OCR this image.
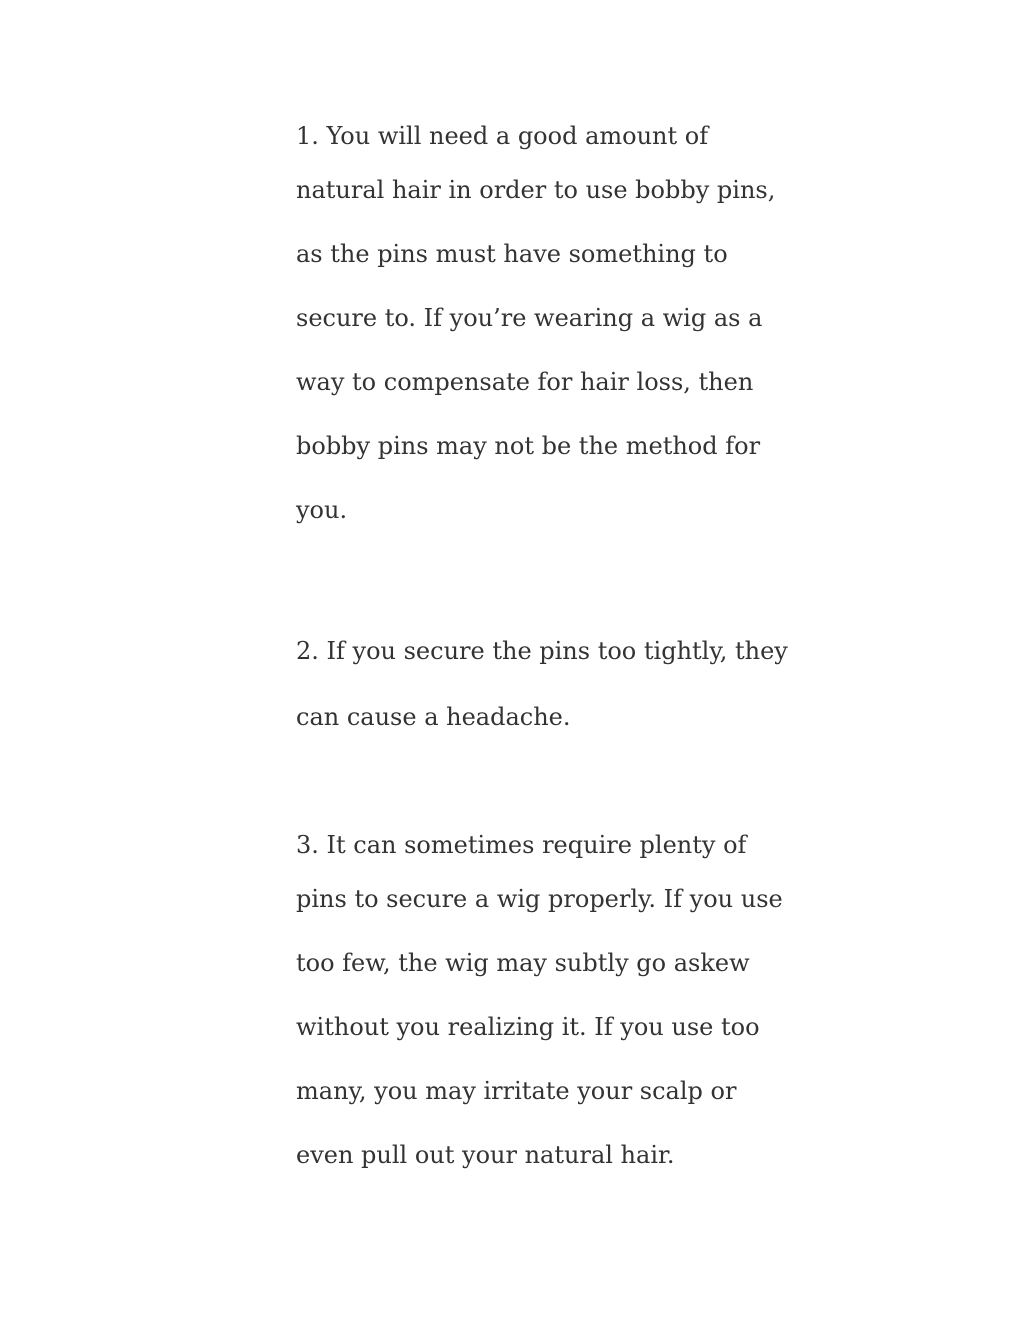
1. You will need a good amount of

natural hair in order to use bobby pins,

as the pins must have something to

secure to. If you’re wearing a wig as a

way to compensate for hair loss, then

bobby pins may not be the method for

you.

2. If you secure the pins too tightly, they

can cause a headache.

3. It can sometimes require plenty of

pins to secure a wig properly. If you use

too few, the wig may subtly go askew

without you realizing it. If you use too

many, you may irritate your scalp or

even pull out your natural hair.
